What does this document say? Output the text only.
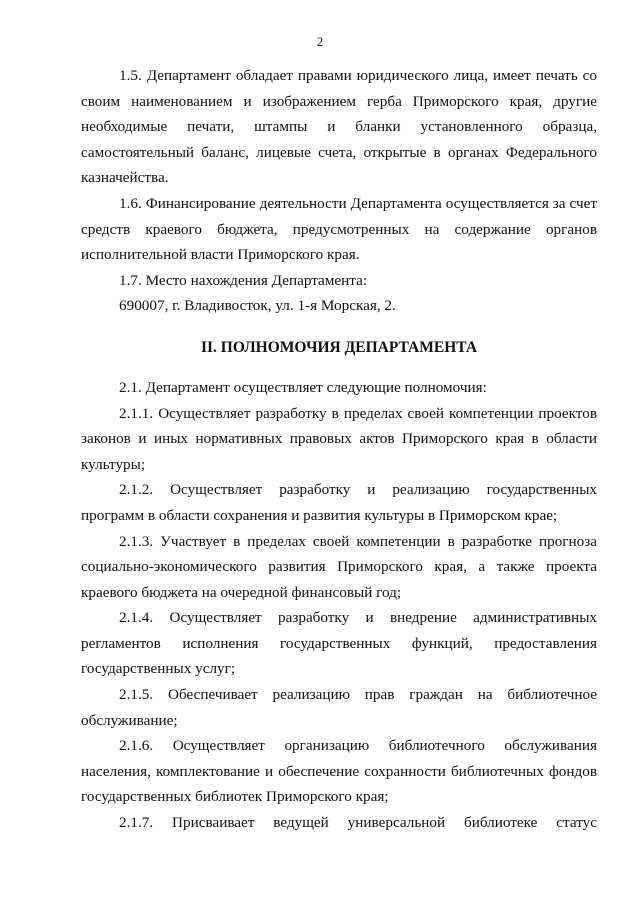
2

1.5. Департамент обладает правами юридического лица, имеет печать со своим наименованием и изображением герба Приморского края, другие необходимые печати, штампы и бланки установленного образца, самостоятельный баланс, лицевые счета, открытые в органах Федерального казначейства.

1.6. Финансирование деятельности Департамента осуществляется за счет средств краевого бюджета, предусмотренных на содержание органов исполнительной власти Приморского края.

1.7. Место нахождения Департамента:

690007, г. Владивосток, ул. 1-я Морская, 2.

II. ПОЛНОМОЧИЯ ДЕПАРТАМЕНТА

2.1. Департамент осуществляет следующие полномочия:

2.1.1. Осуществляет разработку в пределах своей компетенции проектов законов и иных нормативных правовых актов Приморского края в области культуры;

2.1.2. Осуществляет разработку и реализацию государственных программ в области сохранения и развития культуры в Приморском крае;

2.1.3. Участвует в пределах своей компетенции в разработке прогноза социально-экономического развития Приморского края, а также проекта краевого бюджета на очередной финансовый год;

2.1.4. Осуществляет разработку и внедрение административных регламентов исполнения государственных функций, предоставления государственных услуг;

2.1.5. Обеспечивает реализацию прав граждан на библиотечное обслуживание;

2.1.6. Осуществляет организацию библиотечного обслуживания населения, комплектование и обеспечение сохранности библиотечных фондов государственных библиотек Приморского края;

2.1.7. Присваивает ведущей универсальной библиотеке статус
